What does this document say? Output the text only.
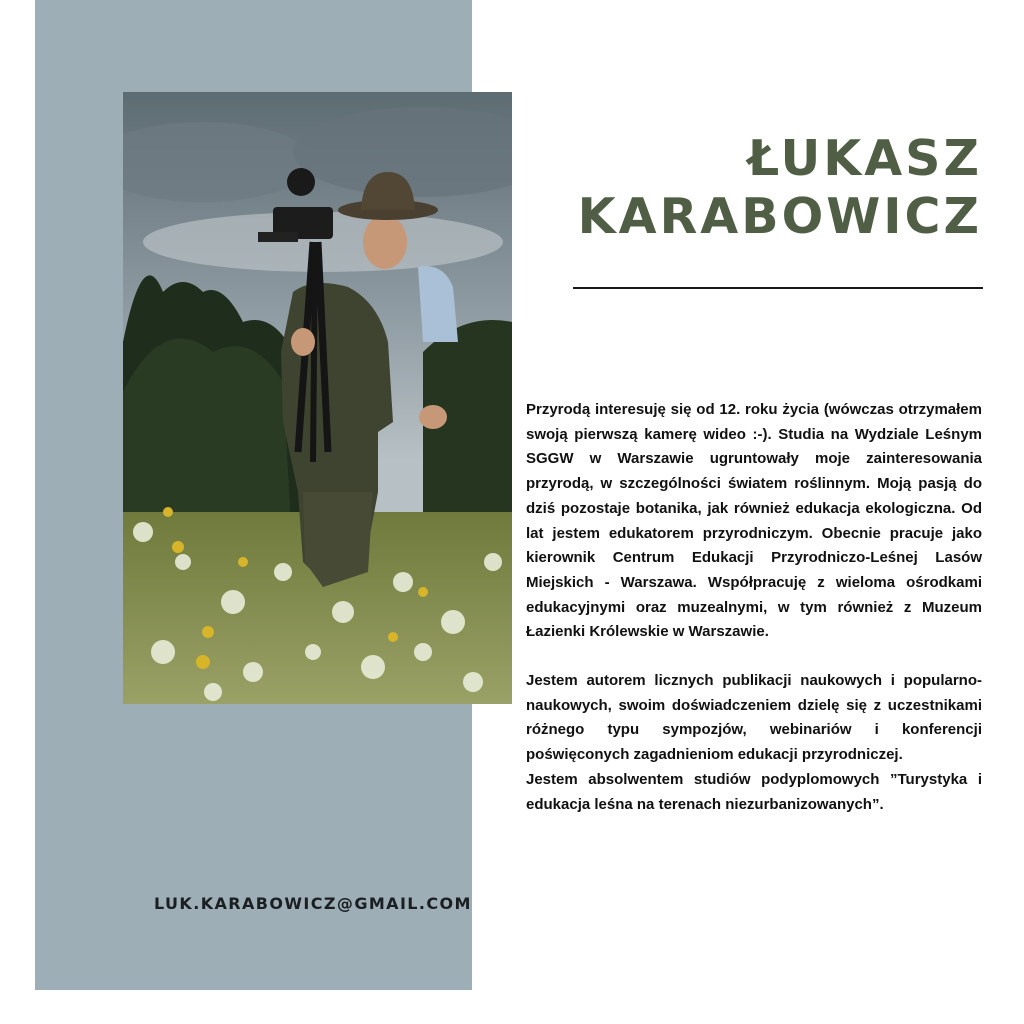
ŁUKASZ
KARABOWICZ

Przyrodą interesuję się od 12. roku życia (wówczas otrzymałem swoją pierwszą kamerę wideo :-). Studia na Wydziale Leśnym SGGW w Warszawie ugruntowały moje zainteresowania przyrodą, w szczególności światem roślinnym. Moją pasją do dziś pozostaje botanika, jak również edukacja ekologiczna. Od lat jestem edukatorem przyrodniczym. Obecnie pracuje jako kierownik Centrum Edukacji Przyrodniczo-Leśnej Lasów Miejskich - Warszawa. Współpracuję z wieloma ośrodkami edukacyjnymi oraz muzealnymi, w tym również z Muzeum Łazienki Królewskie w Warszawie.

Jestem autorem licznych publikacji naukowych i popularno-naukowych, swoim doświadczeniem dzielę się z uczestnikami różnego typu sympozjów, webinariów i konferencji poświęconych zagadnieniom edukacji przyrodniczej.

Jestem absolwentem studiów podyplomowych ”Turystyka i edukacja leśna na terenach niezurbanizowanych”.

LUK.KARABOWICZ@GMAIL.COM
